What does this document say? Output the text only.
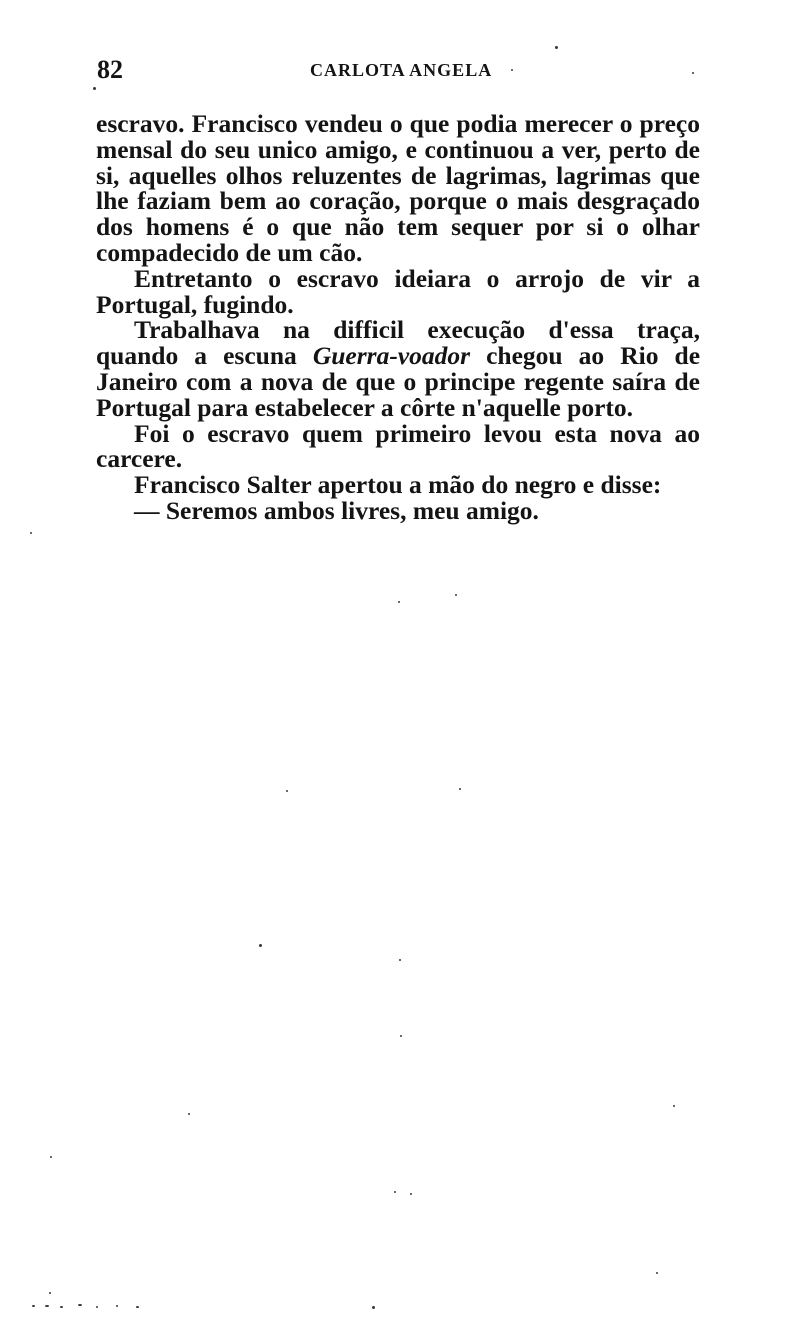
82	CARLOTA ANGELA

escravo. Francisco vendeu o que podia merecer o preço mensal do seu unico amigo, e continuou a ver, perto de si, aquelles olhos reluzentes de lagrimas, lagrimas que lhe faziam bem ao coração, porque o mais desgraçado dos homens é o que não tem sequer por si o olhar compadecido de um cão.

Entretanto o escravo ideiara o arrojo de vir a Portugal, fugindo.

Trabalhava na difficil execução d'essa traça, quando a escuna Guerra-voador chegou ao Rio de Janeiro com a nova de que o principe regente saíra de Portugal para estabelecer a côrte n'aquelle porto.

Foi o escravo quem primeiro levou esta nova ao carcere.

Francisco Salter apertou a mão do negro e disse:

— Seremos ambos livres, meu amigo.
